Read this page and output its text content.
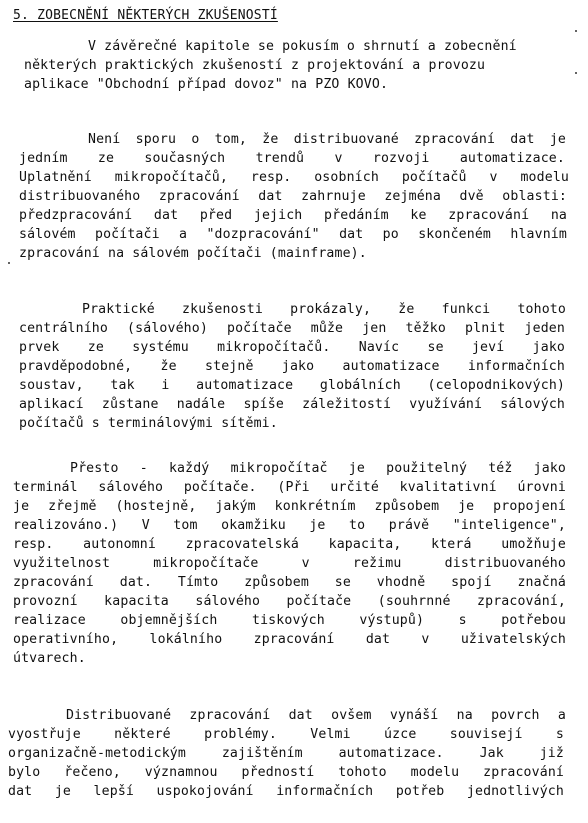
5. ZOBECNĚNÍ NĚKTERÝCH ZKUŠENOSTÍ
V závěrečné kapitole se pokusím o shrnutí a zobecnění
některých praktických zkušeností z projektování a provozu
aplikace "Obchodní případ dovoz" na PZO KOVO.
Není sporu o tom, že distribuované zpracování dat je
jedním ze současných trendů v rozvoji automatizace.
Uplatnění mikropočítačů, resp. osobních počítačů v modelu
distribuovaného zpracování dat zahrnuje zejména dvě oblasti:
předzpracování dat před jejich předáním ke zpracování na
sálovém počítači a "dozpracování" dat po skončeném hlavním
zpracování na sálovém počítači (mainframe).
Praktické zkušenosti prokázaly, že funkci tohoto
centrálního (sálového) počítače může jen těžko plnit jeden
prvek ze systému mikropočítačů. Navíc se jeví jako
pravděpodobné, že stejně jako automatizace informačních
soustav, tak i automatizace globálních (celopodnikových)
aplikací zůstane nadále spíše záležitostí využívání sálových
počítačů s terminálovými sítěmi.
Přesto - každý mikropočítač je použitelný též jako
terminál sálového počítače. (Při určité kvalitativní úrovni
je zřejmě (hostejně, jakým konkrétním způsobem je propojení
realizováno.) V tom okamžiku je to právě "inteligence",
resp. autonomní zpracovatelská kapacita, která umožňuje
využitelnost mikropočítače v režimu distribuovaného
zpracování dat. Tímto způsobem se vhodně spojí značná
provozní kapacita sálového počítače (souhrnné zpracování,
realizace objemnějších tiskových výstupů) s potřebou
operativního, lokálního zpracování dat v uživatelských
útvarech.
Distribuované zpracování dat ovšem vynáší na povrch a
vyostřuje některé problémy. Velmi úzce souvisejí s
organizačně-metodickým zajištěním automatizace. Jak již
bylo řečeno, významnou předností tohoto modelu zpracování
dat je lepší uspokojování informačních potřeb jednotlivých
